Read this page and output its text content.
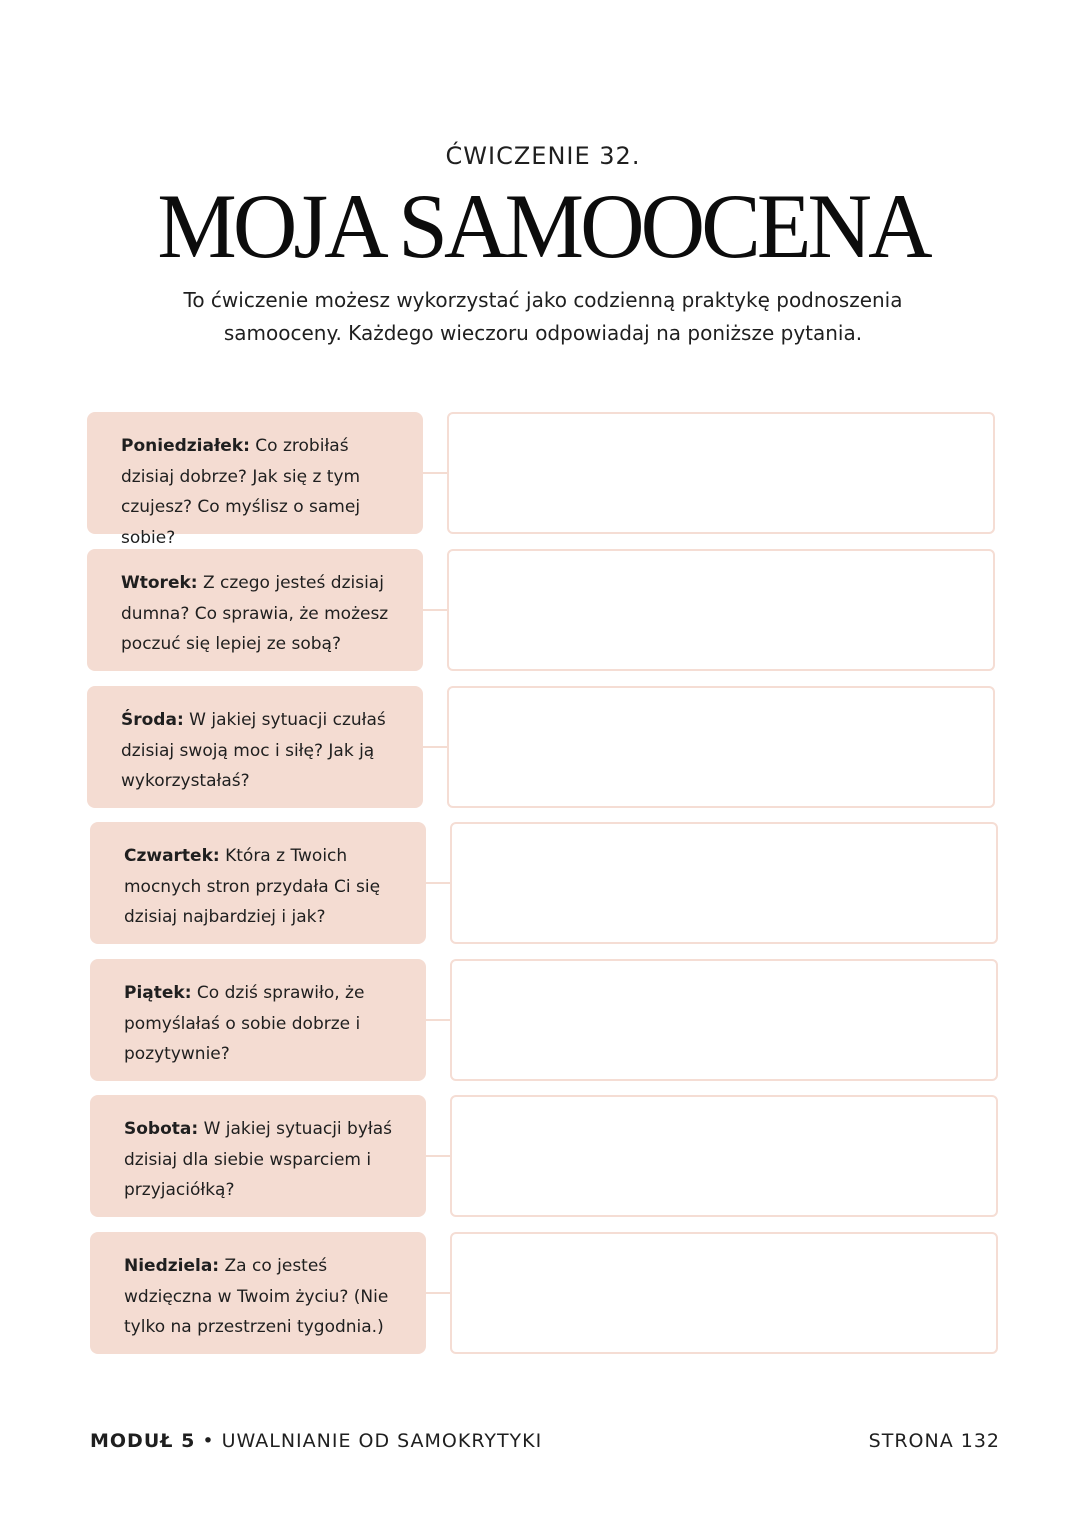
ĆWICZENIE 32.
MOJA SAMOOCENA
To ćwiczenie możesz wykorzystać jako codzienną praktykę podnoszenia
samooceny. Każdego wieczoru odpowiadaj na poniższe pytania.
Poniedziałek: Co zrobiłaś dzisiaj dobrze? Jak się z tym czujesz? Co myślisz o samej sobie?
Wtorek: Z czego jesteś dzisiaj dumna? Co sprawia, że możesz poczuć się lepiej ze sobą?
Środa: W jakiej sytuacji czułaś dzisiaj swoją moc i siłę? Jak ją wykorzystałaś?
Czwartek: Która z Twoich mocnych stron przydała Ci się dzisiaj najbardziej i jak?
Piątek: Co dziś sprawiło, że pomyślałaś o sobie dobrze i pozytywnie?
Sobota: W jakiej sytuacji byłaś dzisiaj dla siebie wsparciem i przyjaciółką?
Niedziela: Za co jesteś wdzięczna w Twoim życiu? (Nie tylko na przestrzeni tygodnia.)
MODUŁ 5 • UWALNIANIE OD SAMOKRYTYKI	STRONA 132
